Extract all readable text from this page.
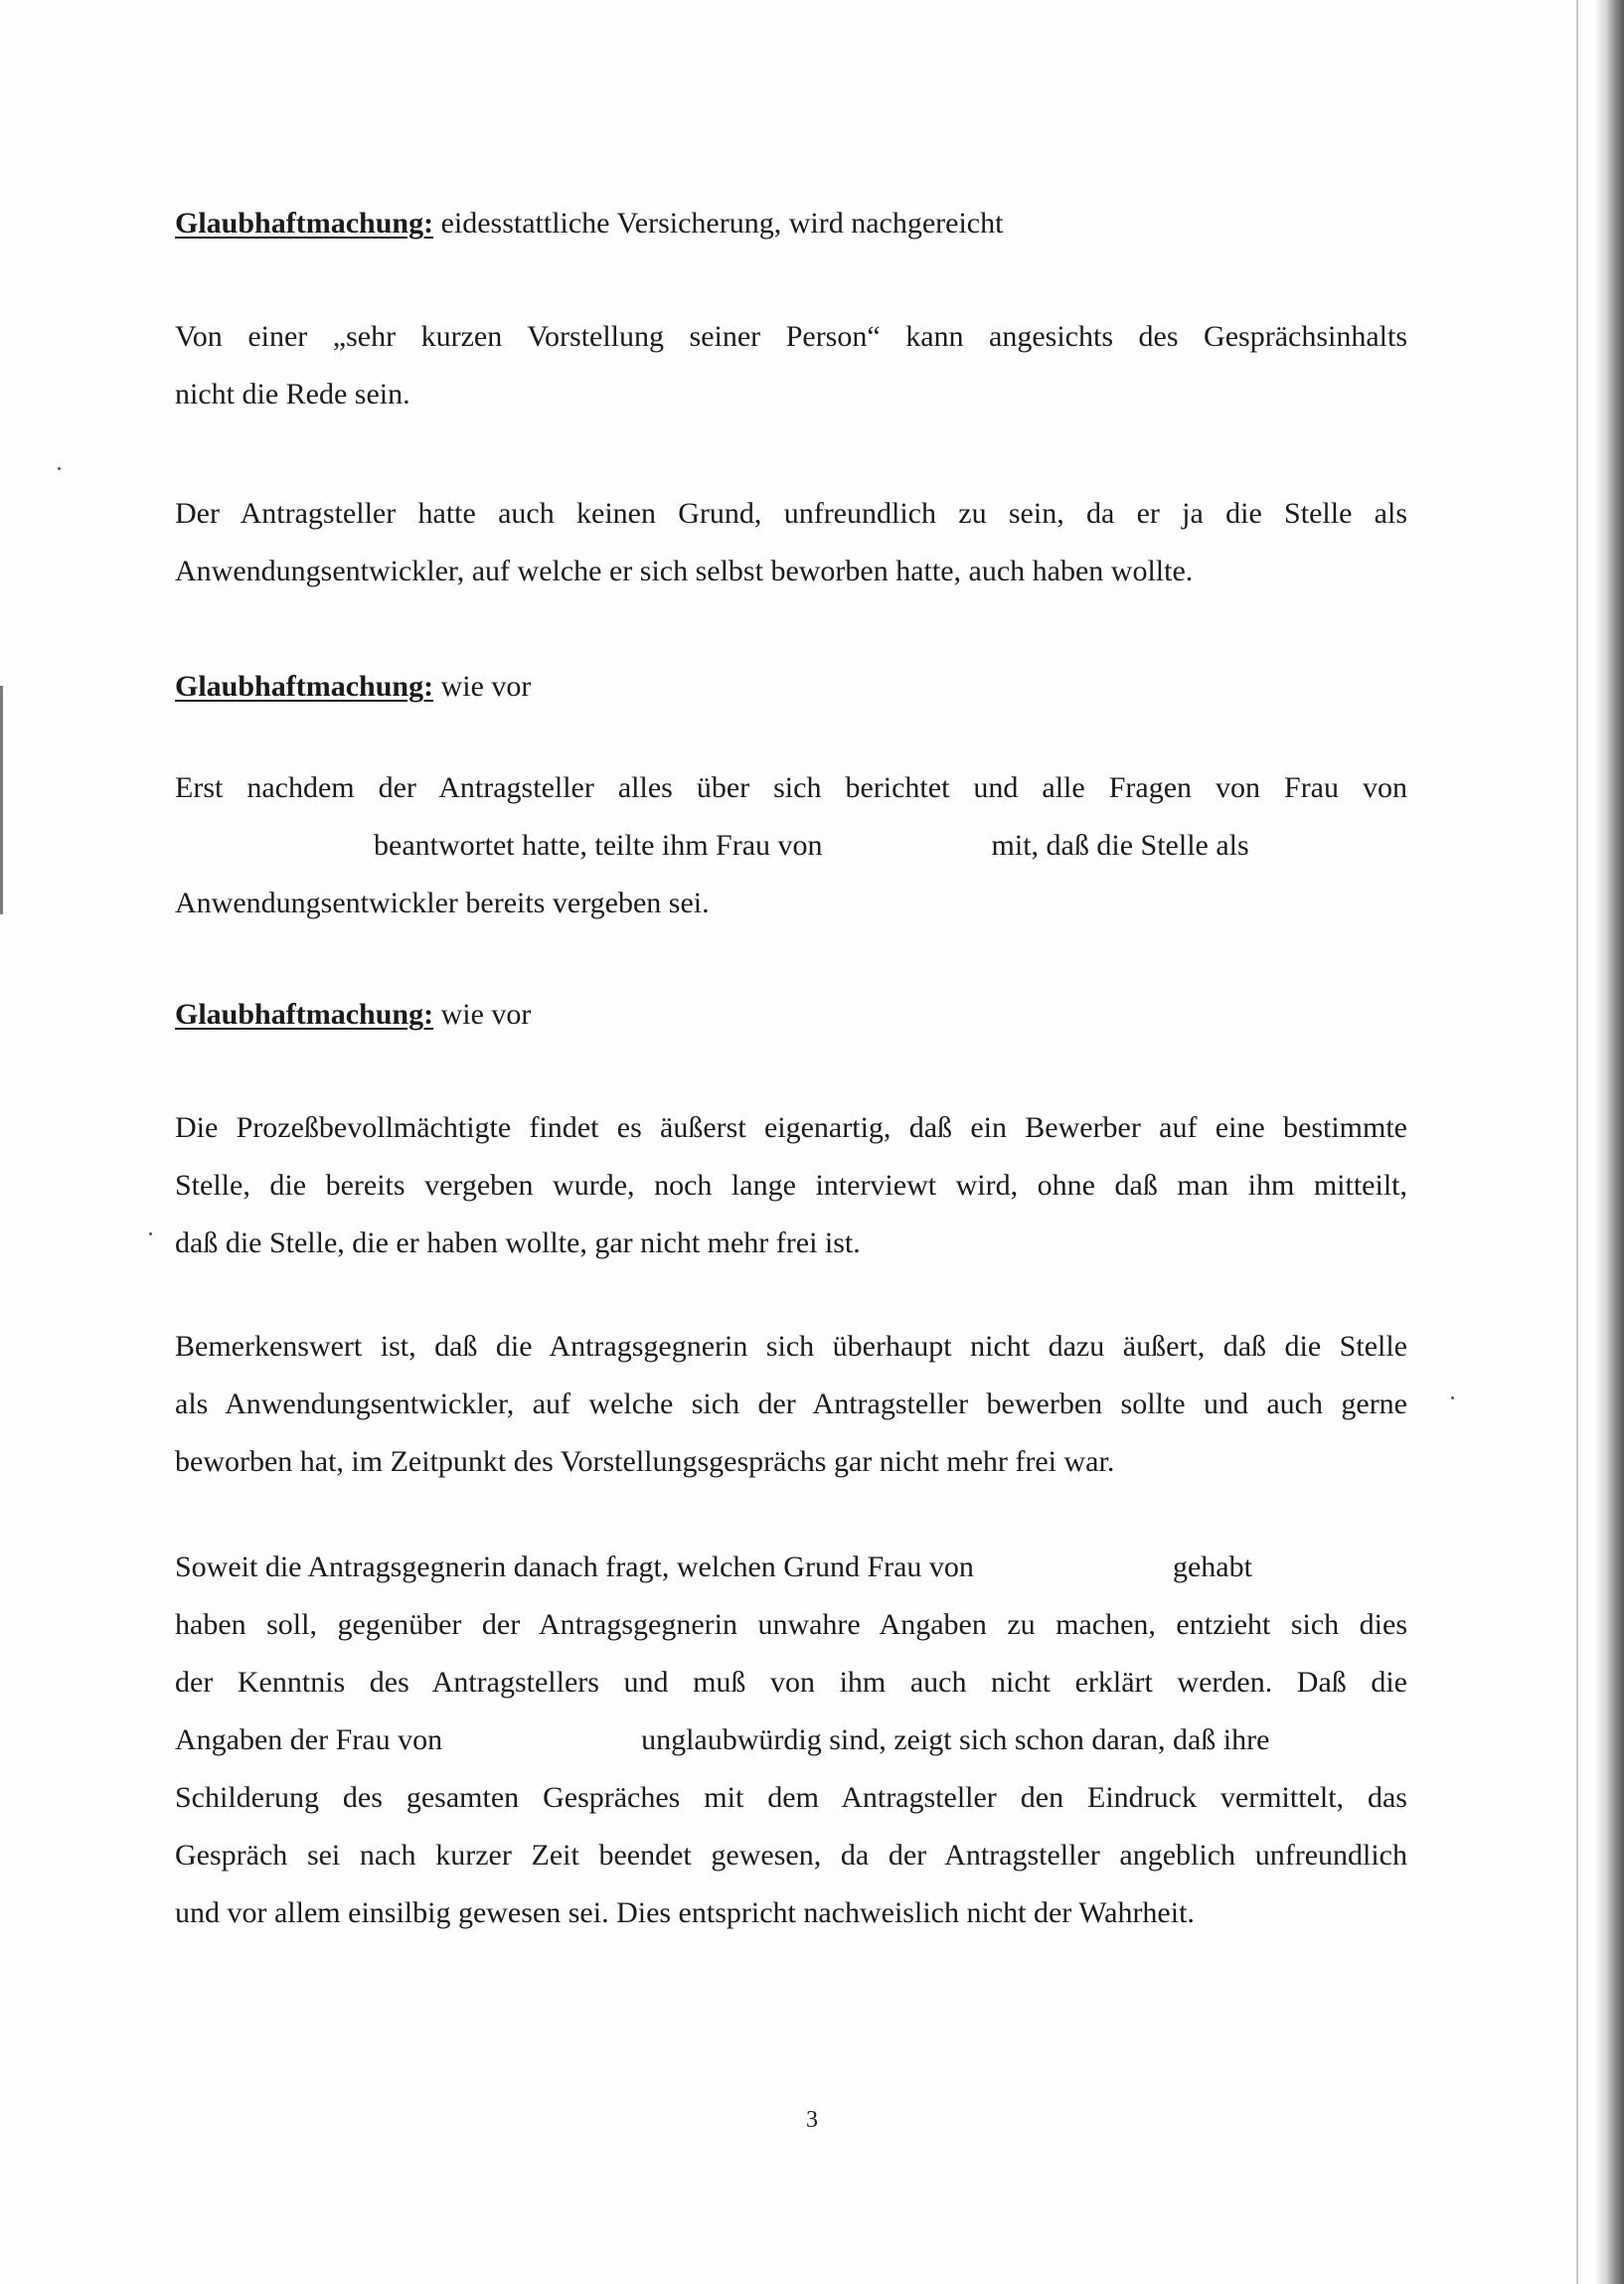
Glaubhaftmachung: eidesstattliche Versicherung, wird nachgereicht
Von einer „sehr kurzen Vorstellung seiner Person“ kann angesichts des Gesprächsinhalts
nicht die Rede sein.
Der Antragsteller hatte auch keinen Grund, unfreundlich zu sein, da er ja die Stelle als
Anwendungsentwickler, auf welche er sich selbst beworben hatte, auch haben wollte.
Glaubhaftmachung: wie vor
Erst nachdem der Antragsteller alles über sich berichtet und alle Fragen von Frau von
beantwortet hatte, teilte ihm Frau von	mit, daß die Stelle als
Anwendungsentwickler bereits vergeben sei.
Glaubhaftmachung: wie vor
Die Prozeßbevollmächtigte findet es äußerst eigenartig, daß ein Bewerber auf eine bestimmte
Stelle, die bereits vergeben wurde, noch lange interviewt wird, ohne daß man ihm mitteilt,
daß die Stelle, die er haben wollte, gar nicht mehr frei ist.
Bemerkenswert ist, daß die Antragsgegnerin sich überhaupt nicht dazu äußert, daß die Stelle
als Anwendungsentwickler, auf welche sich der Antragsteller bewerben sollte und auch gerne
beworben hat, im Zeitpunkt des Vorstellungsgesprächs gar nicht mehr frei war.
Soweit die Antragsgegnerin danach fragt, welchen Grund Frau von	gehabt
haben soll, gegenüber der Antragsgegnerin unwahre Angaben zu machen, entzieht sich dies
der Kenntnis des Antragstellers und muß von ihm auch nicht erklärt werden. Daß die
Angaben der Frau von	unglaubwürdig sind, zeigt sich schon daran, daß ihre
Schilderung des gesamten Gespräches mit dem Antragsteller den Eindruck vermittelt, das
Gespräch sei nach kurzer Zeit beendet gewesen, da der Antragsteller angeblich unfreundlich
und vor allem einsilbig gewesen sei. Dies entspricht nachweislich nicht der Wahrheit.
3
